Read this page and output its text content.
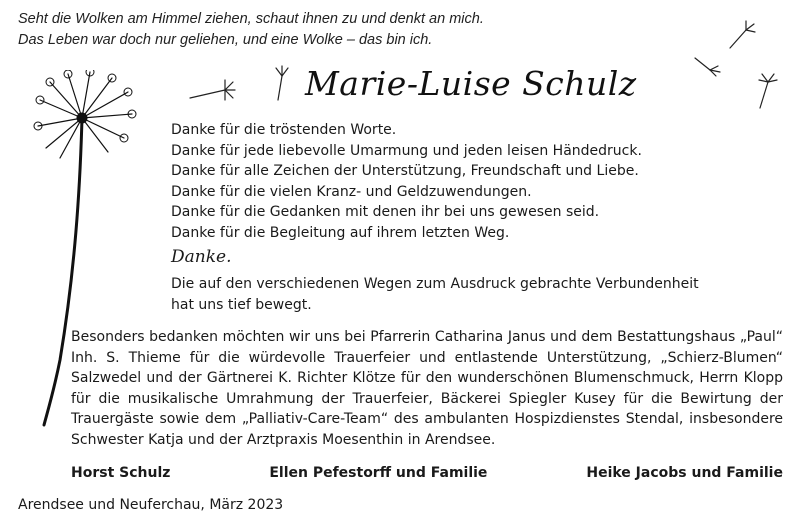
Seht die Wolken am Himmel ziehen, schaut ihnen zu und denkt an mich.
Das Leben war doch nur geliehen, und eine Wolke – das bin ich.
Marie-Luise Schulz
Danke für die tröstenden Worte.
Danke für jede liebevolle Umarmung und jeden leisen Händedruck.
Danke für alle Zeichen der Unterstützung, Freundschaft und Liebe.
Danke für die vielen Kranz- und Geldzuwendungen.
Danke für die Gedanken mit denen ihr bei uns gewesen seid.
Danke für die Begleitung auf ihrem letzten Weg.
Danke.
Die auf den verschiedenen Wegen zum Ausdruck gebrachte Verbundenheit
hat uns tief bewegt.
Besonders bedanken möchten wir uns bei Pfarrerin Catharina Janus und dem Bestattungshaus „Paul“ Inh. S. Thieme für die würdevolle Trauerfeier und entlastende Unterstützung, „Schierz-Blumen“ Salzwedel und der Gärtnerei K. Richter Klötze für den wunderschönen Blumenschmuck, Herrn Klopp für die musikalische Umrahmung der Trauerfeier, Bäckerei Spiegler Kusey für die Bewirtung der Trauergäste sowie dem „Palliativ-Care-Team“ des ambulanten Hospizdienstes Stendal, insbesondere Schwester Katja und der Arztpraxis Moesenthin in Arendsee.
Horst Schulz	Ellen Pefestorff und Familie	Heike Jacobs und Familie
Arendsee und Neuferchau, März 2023
